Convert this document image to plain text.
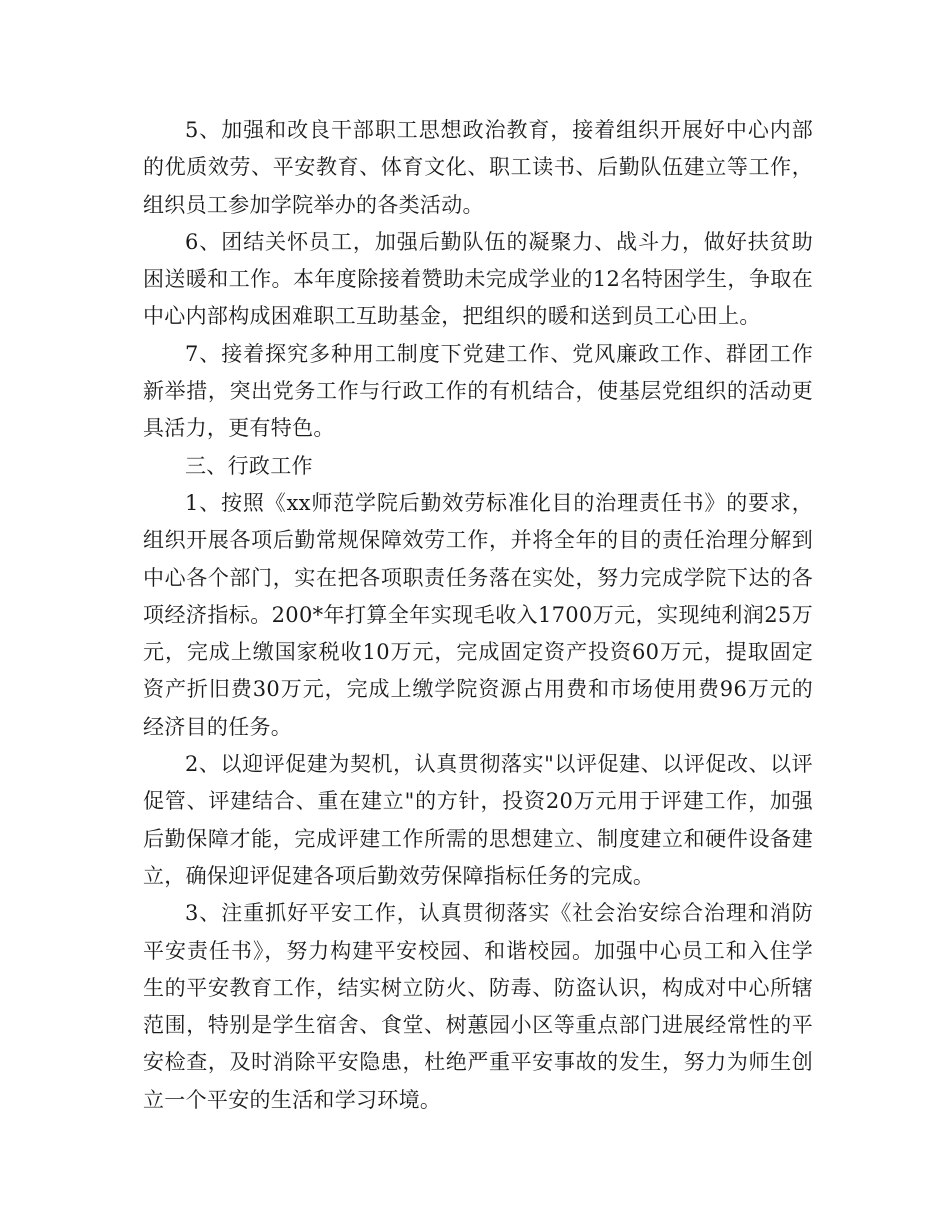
5、加强和改良干部职工思想政治教育，接着组织开展好中心内部的优质效劳、平安教育、体育文化、职工读书、后勤队伍建立等工作，组织员工参加学院举办的各类活动。

6、团结关怀员工，加强后勤队伍的凝聚力、战斗力，做好扶贫助困送暖和工作。本年度除接着赞助未完成学业的12名特困学生，争取在中心内部构成困难职工互助基金，把组织的暖和送到员工心田上。

7、接着探究多种用工制度下党建工作、党风廉政工作、群团工作新举措，突出党务工作与行政工作的有机结合，使基层党组织的活动更具活力，更有特色。

三、行政工作

1、按照《xx师范学院后勤效劳标准化目的治理责任书》的要求，组织开展各项后勤常规保障效劳工作，并将全年的目的责任治理分解到中心各个部门，实在把各项职责任务落在实处，努力完成学院下达的各项经济指标。200*年打算全年实现毛收入1700万元，实现纯利润25万元，完成上缴国家税收10万元，完成固定资产投资60万元，提取固定资产折旧费30万元，完成上缴学院资源占用费和市场使用费96万元的经济目的任务。

2、以迎评促建为契机，认真贯彻落实"以评促建、以评促改、以评促管、评建结合、重在建立"的方针，投资20万元用于评建工作，加强后勤保障才能，完成评建工作所需的思想建立、制度建立和硬件设备建立，确保迎评促建各项后勤效劳保障指标任务的完成。

3、注重抓好平安工作，认真贯彻落实《社会治安综合治理和消防平安责任书》，努力构建平安校园、和谐校园。加强中心员工和入住学生的平安教育工作，结实树立防火、防毒、防盗认识，构成对中心所辖范围，特别是学生宿舍、食堂、树蕙园小区等重点部门进展经常性的平安检查，及时消除平安隐患，杜绝严重平安事故的发生，努力为师生创立一个平安的生活和学习环境。
